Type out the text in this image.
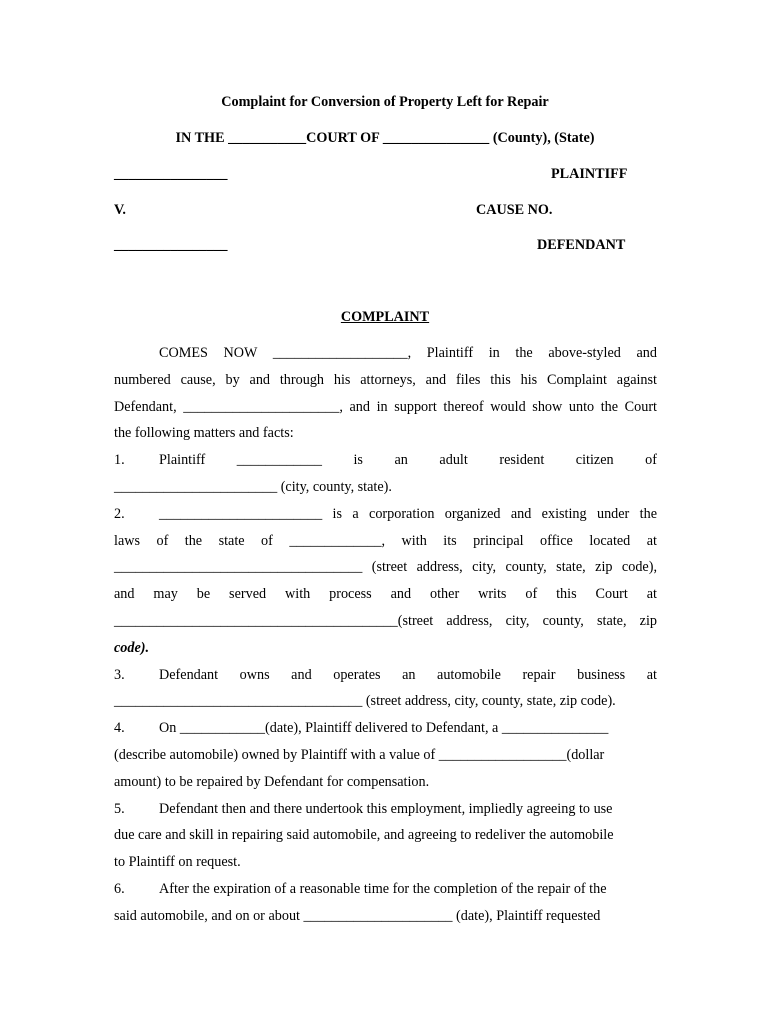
Complaint for Conversion of Property Left for Repair
IN THE ___________COURT OF _______________ (County), (State)
________________	PLAINTIFF
V.	CAUSE NO.
________________	DEFENDANT
COMPLAINT

COMES NOW ___________________, Plaintiff in the above-styled and

numbered cause, by and through his attorneys, and files this his Complaint against

Defendant, ______________________, and in support thereof would show unto the Court

the following matters and facts:

1. Plaintiff ____________ is an adult resident citizen of

_______________________ (city, county, state).

2. _______________________ is a corporation organized and existing under the

laws of the state of _____________, with its principal office located at

___________________________________ (street address, city, county, state, zip code),

and may be served with process and other writs of this Court at

________________________________________(street address, city, county, state, zip

code).

3. Defendant owns and operates an automobile repair business at

___________________________________ (street address, city, county, state, zip code).

4. On ____________(date), Plaintiff delivered to Defendant, a _______________

(describe automobile) owned by Plaintiff with a value of __________________(dollar

amount) to be repaired by Defendant for compensation.

5. Defendant then and there undertook this employment, impliedly agreeing to use

due care and skill in repairing said automobile, and agreeing to redeliver the automobile

to Plaintiff on request.

6. After the expiration of a reasonable time for the completion of the repair of the

said automobile, and on or about _____________________ (date), Plaintiff requested
